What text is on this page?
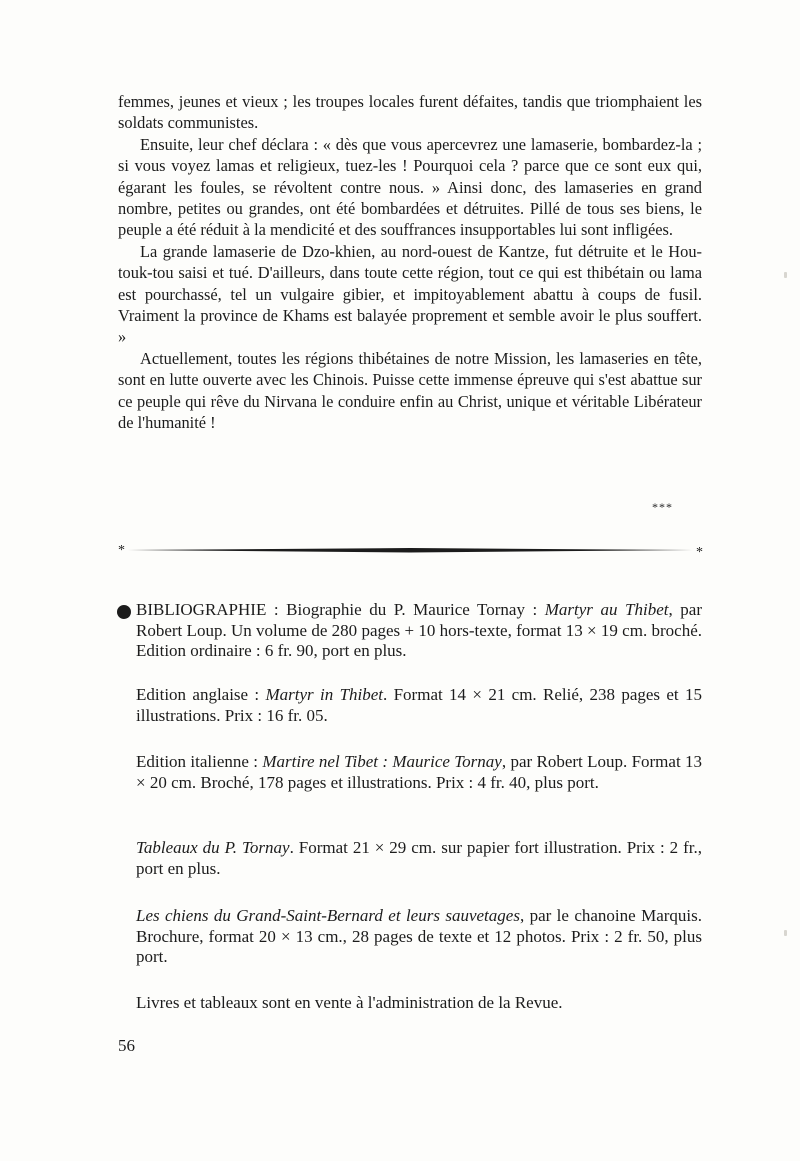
femmes, jeunes et vieux ; les troupes locales furent défaites, tandis que triomphaient les soldats communistes.

Ensuite, leur chef déclara : « dès que vous apercevrez une lamaserie, bombardez-la ; si vous voyez lamas et religieux, tuez-les ! Pourquoi cela ? parce que ce sont eux qui, égarant les foules, se révoltent contre nous. » Ainsi donc, des lamaseries en grand nombre, petites ou grandes, ont été bombardées et détruites. Pillé de tous ses biens, le peuple a été réduit à la mendicité et des souffrances insupportables lui sont infligées.

La grande lamaserie de Dzo-khien, au nord-ouest de Kantze, fut détruite et le Hou-touk-tou saisi et tué. D'ailleurs, dans toute cette région, tout ce qui est thibétain ou lama est pourchassé, tel un vulgaire gibier, et impitoyablement abattu à coups de fusil. Vraiment la province de Khams est balayée proprement et semble avoir le plus souffert. »

Actuellement, toutes les régions thibétaines de notre Mission, les lamaseries en tête, sont en lutte ouverte avec les Chinois. Puisse cette immense épreuve qui s'est abattue sur ce peuple qui rêve du Nirvana le conduire enfin au Christ, unique et véritable Libérateur de l'humanité !

***
*	*

BIBLIOGRAPHIE : Biographie du P. Maurice Tornay : Martyr au Thibet, par Robert Loup. Un volume de 280 pages + 10 hors-texte, format 13 × 19 cm. broché. Edition ordinaire : 6 fr. 90, port en plus.

Edition anglaise : Martyr in Thibet. Format 14 × 21 cm. Relié, 238 pages et 15 illustrations. Prix : 16 fr. 05.

Edition italienne : Martire nel Tibet : Maurice Tornay, par Robert Loup. Format 13 × 20 cm. Broché, 178 pages et illustrations. Prix : 4 fr. 40, plus port.

Tableaux du P. Tornay. Format 21 × 29 cm. sur papier fort illustration. Prix : 2 fr., port en plus.

Les chiens du Grand-Saint-Bernard et leurs sauvetages, par le chanoine Marquis. Brochure, format 20 × 13 cm., 28 pages de texte et 12 photos. Prix : 2 fr. 50, plus port.

Livres et tableaux sont en vente à l'administration de la Revue.

56
